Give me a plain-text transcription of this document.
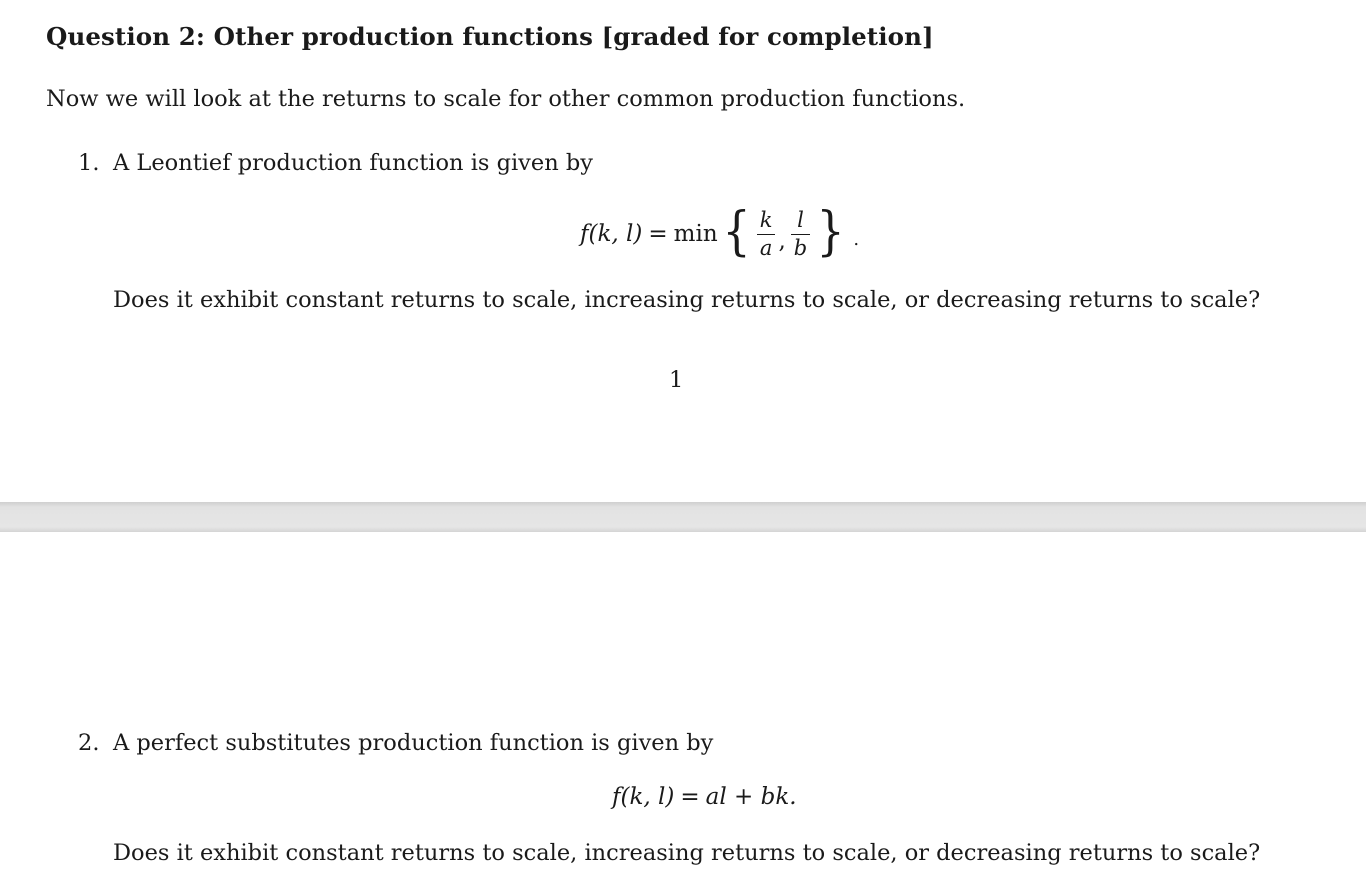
Question 2: Other production functions [graded for completion]
Now we will look at the returns to scale for other common production functions.
1. A Leontief production function is given by
f(k, l) = min { $\frac{k}{a}$ , $\frac{l}{b}$ } .
Does it exhibit constant returns to scale, increasing returns to scale, or decreasing returns to scale?
1
2. A perfect substitutes production function is given by
f(k, l) = al + bk.
Does it exhibit constant returns to scale, increasing returns to scale, or decreasing returns to scale?
